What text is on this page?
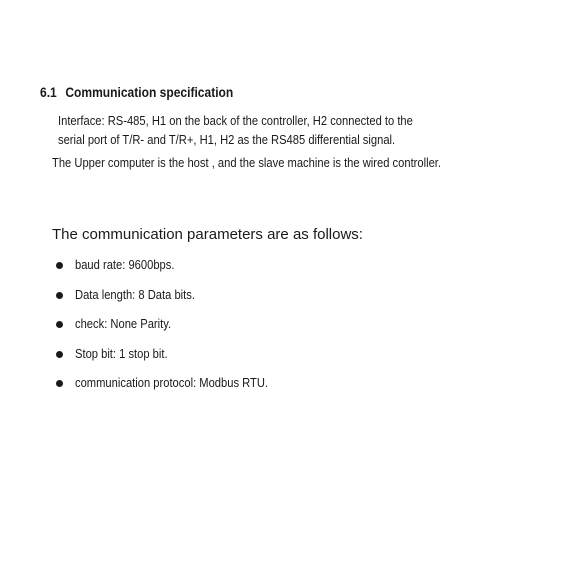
6.1 Communication specification
Interface: RS-485, H1 on the back of the controller, H2 connected to the
serial port of T/R- and T/R+, H1, H2 as the RS485 differential signal.
The Upper computer is the host , and the slave machine is the wired controller.
The communication parameters are as follows:
baud rate: 9600bps.
Data length: 8 Data bits.
check: None Parity.
Stop bit: 1 stop bit.
communication protocol: Modbus RTU.
